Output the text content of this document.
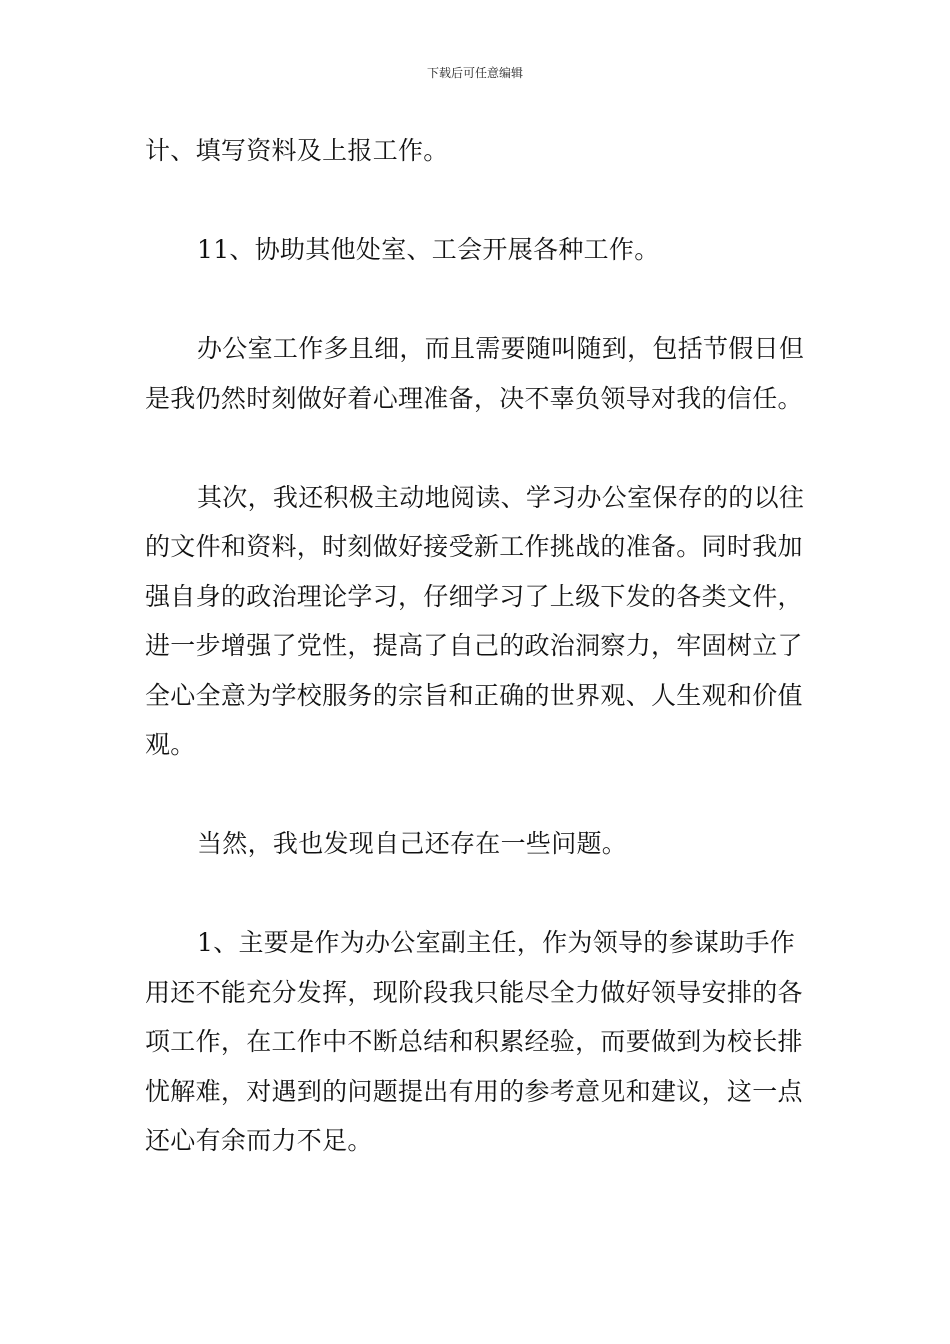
下载后可任意编辑

计、填写资料及上报工作。

11、协助其他处室、工会开展各种工作。

办公室工作多且细，而且需要随叫随到，包括节假日但是我仍然时刻做好着心理准备，决不辜负领导对我的信任。

其次，我还积极主动地阅读、学习办公室保存的的以往的文件和资料，时刻做好接受新工作挑战的准备。同时我加强自身的政治理论学习，仔细学习了上级下发的各类文件，进一步增强了党性，提高了自己的政治洞察力，牢固树立了全心全意为学校服务的宗旨和正确的世界观、人生观和价值观。

当然，我也发现自己还存在一些问题。

1、主要是作为办公室副主任，作为领导的参谋助手作用还不能充分发挥，现阶段我只能尽全力做好领导安排的各项工作，在工作中不断总结和积累经验，而要做到为校长排忧解难，对遇到的问题提出有用的参考意见和建议，这一点还心有余而力不足。
